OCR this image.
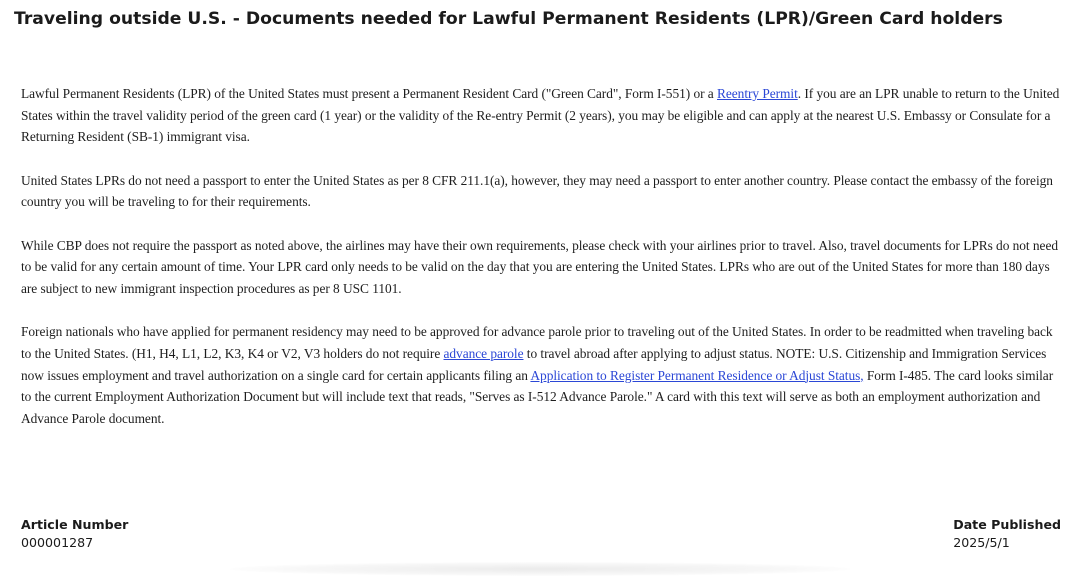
Traveling outside U.S. - Documents needed for Lawful Permanent Residents (LPR)/Green Card holders

Lawful Permanent Residents (LPR) of the United States must present a Permanent Resident Card ("Green Card", Form I-551) or a Reentry Permit. If you are an LPR unable to return to the United States within the travel validity period of the green card (1 year) or the validity of the Re-entry Permit (2 years), you may be eligible and can apply at the nearest U.S. Embassy or Consulate for a Returning Resident (SB-1) immigrant visa.

United States LPRs do not need a passport to enter the United States as per 8 CFR 211.1(a), however, they may need a passport to enter another country. Please contact the embassy of the foreign country you will be traveling to for their requirements.

While CBP does not require the passport as noted above, the airlines may have their own requirements, please check with your airlines prior to travel. Also, travel documents for LPRs do not need to be valid for any certain amount of time. Your LPR card only needs to be valid on the day that you are entering the United States. LPRs who are out of the United States for more than 180 days are subject to new immigrant inspection procedures as per 8 USC 1101.

Foreign nationals who have applied for permanent residency may need to be approved for advance parole prior to traveling out of the United States. In order to be readmitted when traveling back to the United States. (H1, H4, L1, L2, K3, K4 or V2, V3 holders do not require advance parole to travel abroad after applying to adjust status. NOTE: U.S. Citizenship and Immigration Services now issues employment and travel authorization on a single card for certain applicants filing an Application to Register Permanent Residence or Adjust Status, Form I-485. The card looks similar to the current Employment Authorization Document but will include text that reads, "Serves as I-512 Advance Parole." A card with this text will serve as both an employment authorization and Advance Parole document.

Article Number
000001287
Date Published
2025/5/1
